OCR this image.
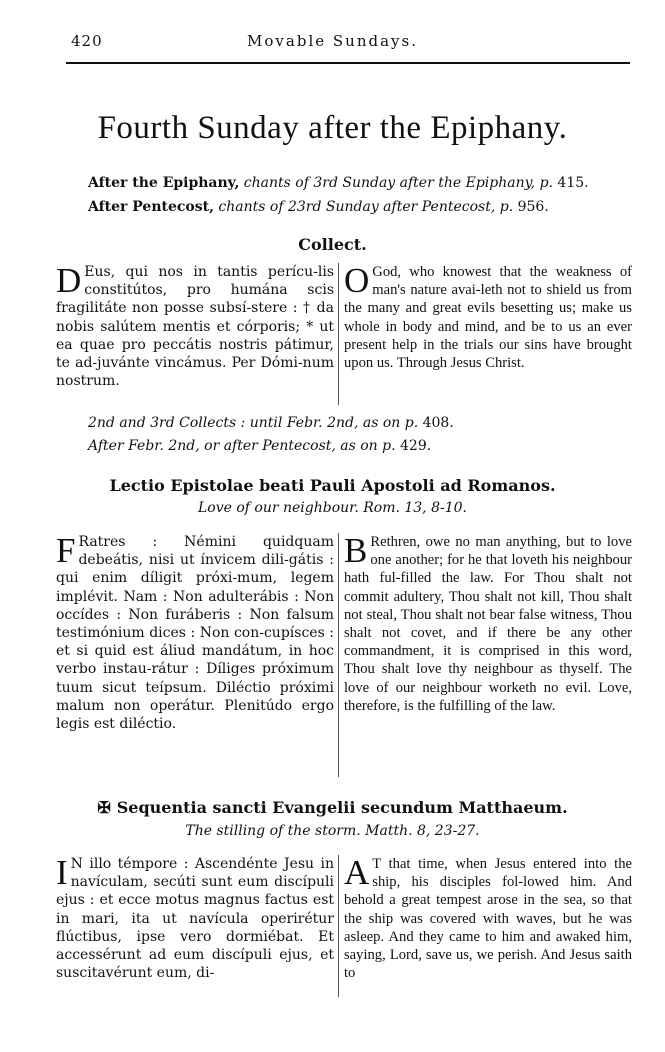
420	Movable Sundays.
Fourth Sunday after the Epiphany.
After the Epiphany, chants of 3rd Sunday after the Epiphany, p. 415.
After Pentecost, chants of 23rd Sunday after Pentecost, p. 956.
Collect.
D Eus, qui nos in tantis perícu-lis constitútos, pro humána scis fragilitáte non posse subsí-stere : † da nobis salútem mentis et córporis; * ut ea quae pro peccátis nostris pátimur, te ad-juvánte vincámus. Per Dómi-num nostrum.
O God, who knowest that the weakness of man's nature avai-leth not to shield us from the many and great evils besetting us; make us whole in body and mind, and be to us an ever present help in the trials our sins have brought upon us. Through Jesus Christ.
2nd and 3rd Collects : until Febr. 2nd, as on p. 408.
After Febr. 2nd, or after Pentecost, as on p. 429.
Lectio Epistolae beati Pauli Apostoli ad Romanos.
Love of our neighbour. Rom. 13, 8-10.
F Ratres : Némini quidquam debeátis, nisi ut ínvicem dili-gátis : qui enim díligit próxi-mum, legem implévit. Nam : Non adulterábis : Non occídes : Non furáberis : Non falsum testimónium dices : Non con-cupísces : et si quid est áliud mandátum, in hoc verbo instau-rátur : Díliges próximum tuum sicut teípsum. Diléctio próximi malum non operátur. Plenitúdo ergo legis est diléctio.
B Rethren, owe no man anything, but to love one another; for he that loveth his neighbour hath ful-filled the law. For Thou shalt not commit adultery, Thou shalt not kill, Thou shalt not steal, Thou shalt not bear false witness, Thou shalt not covet, and if there be any other commandment, it is comprised in this word, Thou shalt love thy neighbour as thyself. The love of our neighbour worketh no evil. Love, therefore, is the fulfilling of the law.
✠ Sequentia sancti Evangelii secundum Matthaeum.
The stilling of the storm. Matth. 8, 23-27.
I N illo témpore : Ascendénte Jesu in navículam, secúti sunt eum discípuli ejus : et ecce motus magnus factus est in mari, ita ut navícula operirétur flúctibus, ipse vero dormiébat. Et accessérunt ad eum discípuli ejus, et suscitavérunt eum, di-
A T that time, when Jesus entered into the ship, his disciples fol-lowed him. And behold a great tempest arose in the sea, so that the ship was covered with waves, but he was asleep. And they came to him and awaked him, saying, Lord, save us, we perish. And Jesus saith to
